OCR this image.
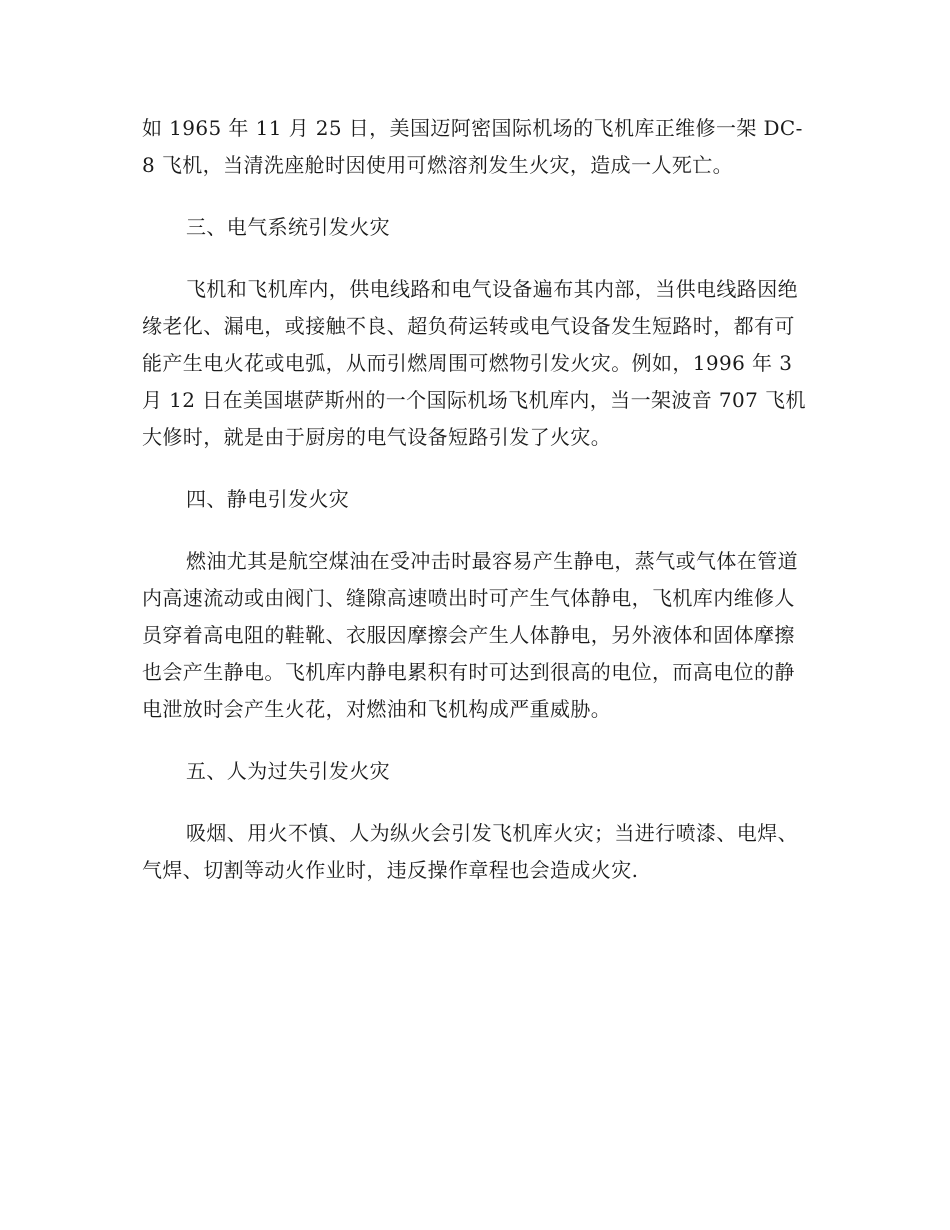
如 1965 年 11 月 25 日，美国迈阿密国际机场的飞机库正维修一架 DC-8 飞机，当清洗座舱时因使用可燃溶剂发生火灾，造成一人死亡。

三、电气系统引发火灾

飞机和飞机库内，供电线路和电气设备遍布其内部，当供电线路因绝缘老化、漏电，或接触不良、超负荷运转或电气设备发生短路时，都有可能产生电火花或电弧，从而引燃周围可燃物引发火灾。例如，1996 年 3 月 12 日在美国堪萨斯州的一个国际机场飞机库内，当一架波音 707 飞机大修时，就是由于厨房的电气设备短路引发了火灾。

四、静电引发火灾

燃油尤其是航空煤油在受冲击时最容易产生静电，蒸气或气体在管道内高速流动或由阀门、缝隙高速喷出时可产生气体静电，飞机库内维修人员穿着高电阻的鞋靴、衣服因摩擦会产生人体静电，另外液体和固体摩擦也会产生静电。飞机库内静电累积有时可达到很高的电位，而高电位的静电泄放时会产生火花，对燃油和飞机构成严重威胁。

五、人为过失引发火灾

吸烟、用火不慎、人为纵火会引发飞机库火灾；当进行喷漆、电焊、气焊、切割等动火作业时，违反操作章程也会造成火灾.
